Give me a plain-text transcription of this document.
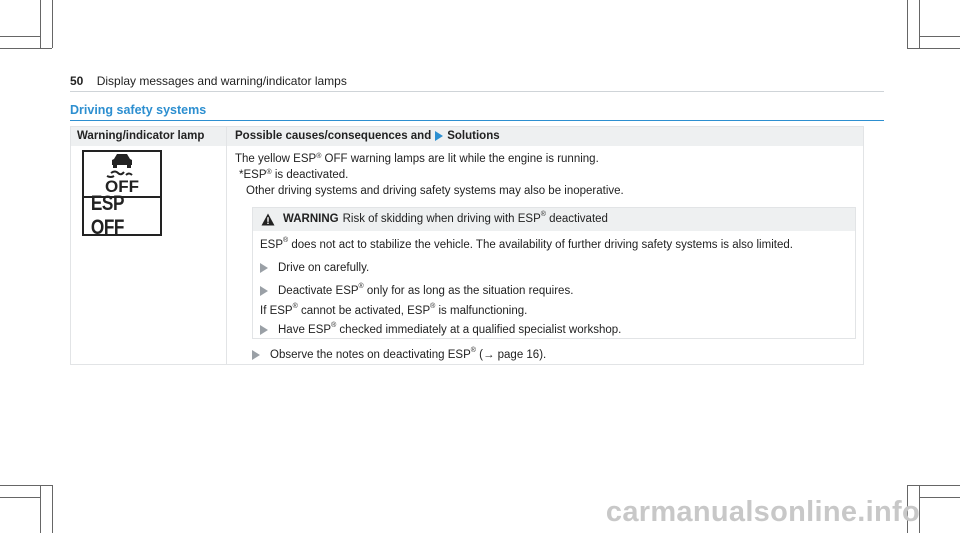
50 Display messages and warning/indicator lamps
Driving safety systems
Warning/indicator lamp	Possible causes/consequences and Solutions
OFF
ESP OFF
The yellow ESP® OFF warning lamps are lit while the engine is running.
*ESP® is deactivated.
Other driving systems and driving safety systems may also be inoperative.
WARNING Risk of skidding when driving with ESP® deactivated
ESP® does not act to stabilize the vehicle. The availability of further driving safety systems is also limited.
Drive on carefully.
Deactivate ESP® only for as long as the situation requires.
If ESP® cannot be activated, ESP® is malfunctioning.
Have ESP® checked immediately at a qualified specialist workshop.
Observe the notes on deactivating ESP® (→ page 16).
carmanualsonline.info
